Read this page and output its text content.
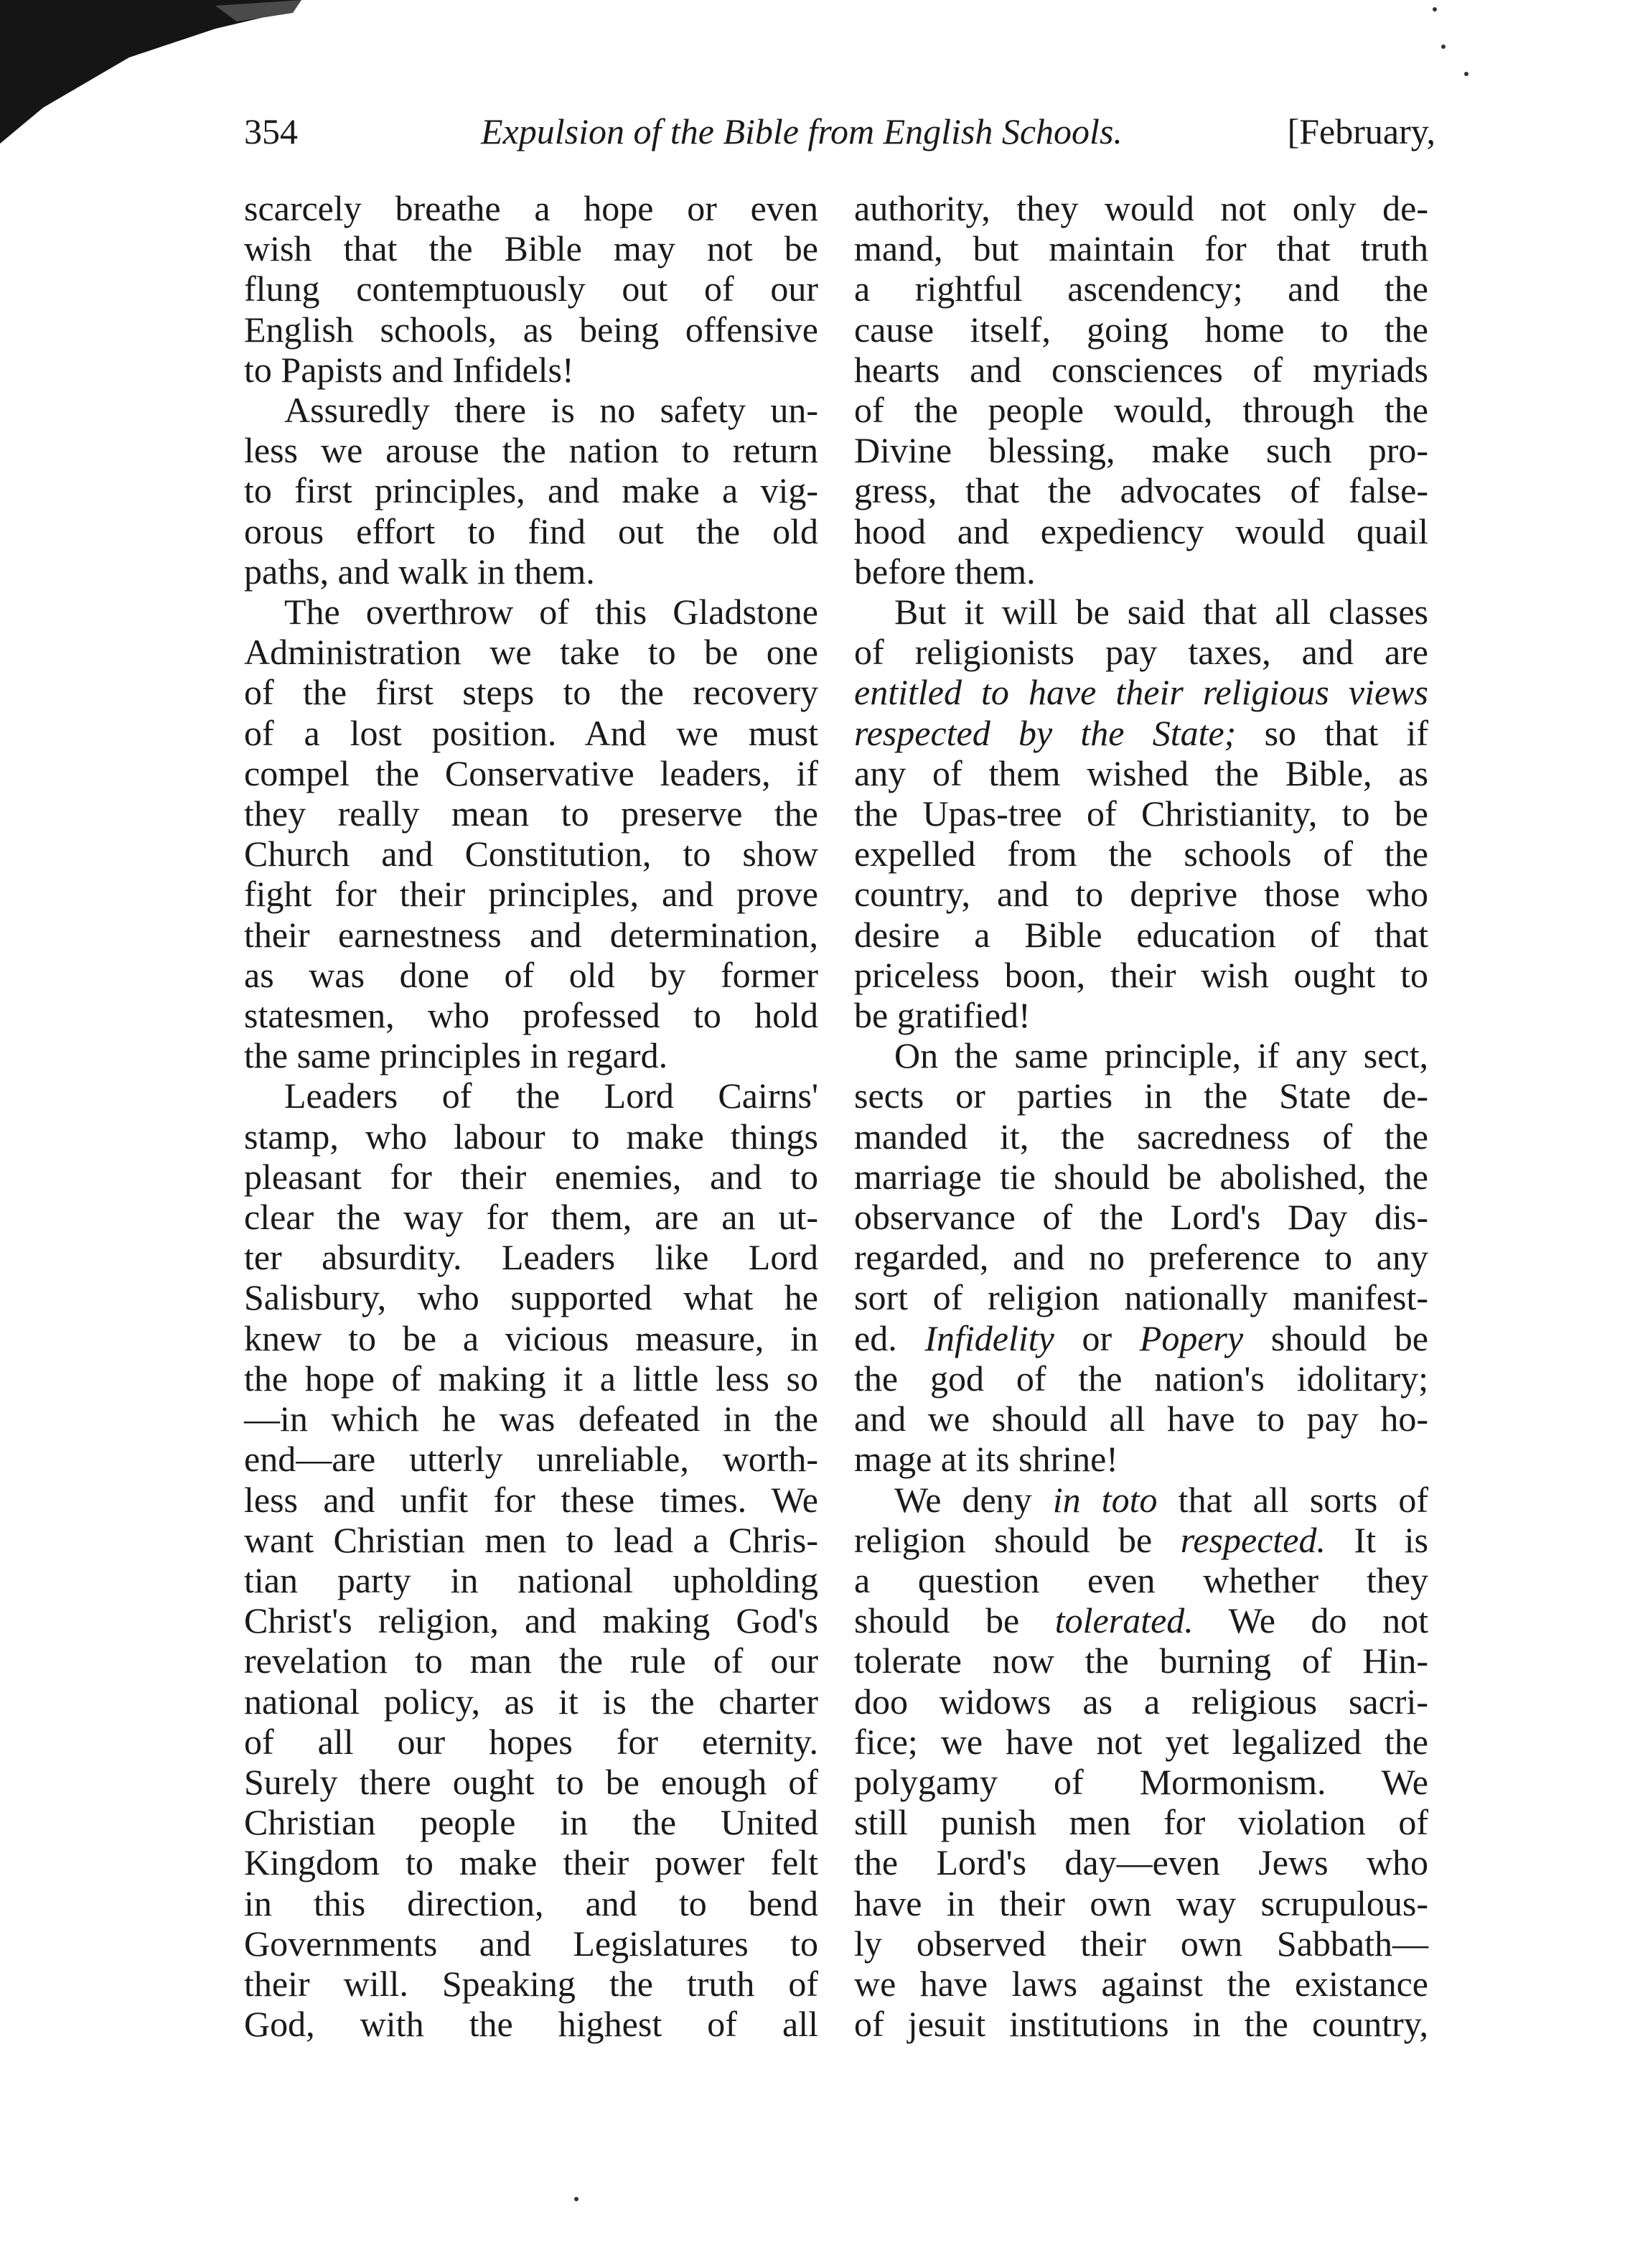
354	Expulsion of the Bible from English Schools.	[February,
scarcely breathe a hope or even
wish that the Bible may not be
flung contemptuously out of our
English schools, as being offensive
to Papists and Infidels!
Assuredly there is no safety un-
less we arouse the nation to return
to first principles, and make a vig-
orous effort to find out the old
paths, and walk in them.
The overthrow of this Gladstone
Administration we take to be one
of the first steps to the recovery
of a lost position. And we must
compel the Conservative leaders, if
they really mean to preserve the
Church and Constitution, to show
fight for their principles, and prove
their earnestness and determination,
as was done of old by former
statesmen, who professed to hold
the same principles in regard.
Leaders of the Lord Cairns'
stamp, who labour to make things
pleasant for their enemies, and to
clear the way for them, are an ut-
ter absurdity. Leaders like Lord
Salisbury, who supported what he
knew to be a vicious measure, in
the hope of making it a little less so
—in which he was defeated in the
end—are utterly unreliable, worth-
less and unfit for these times. We
want Christian men to lead a Chris-
tian party in national upholding
Christ's religion, and making God's
revelation to man the rule of our
national policy, as it is the charter
of all our hopes for eternity.
Surely there ought to be enough of
Christian people in the United
Kingdom to make their power felt
in this direction, and to bend
Governments and Legislatures to
their will. Speaking the truth of
God, with the highest of all
authority, they would not only de-
mand, but maintain for that truth
a rightful ascendency; and the
cause itself, going home to the
hearts and consciences of myriads
of the people would, through the
Divine blessing, make such pro-
gress, that the advocates of false-
hood and expediency would quail
before them.
But it will be said that all classes
of religionists pay taxes, and are
entitled to have their religious views
respected by the State; so that if
any of them wished the Bible, as
the Upas-tree of Christianity, to be
expelled from the schools of the
country, and to deprive those who
desire a Bible education of that
priceless boon, their wish ought to
be gratified!
On the same principle, if any sect,
sects or parties in the State de-
manded it, the sacredness of the
marriage tie should be abolished, the
observance of the Lord's Day dis-
regarded, and no preference to any
sort of religion nationally manifest-
ed. Infidelity or Popery should be
the god of the nation's idolitary;
and we should all have to pay ho-
mage at its shrine!
We deny in toto that all sorts of
religion should be respected. It is
a question even whether they
should be tolerated. We do not
tolerate now the burning of Hin-
doo widows as a religious sacri-
fice; we have not yet legalized the
polygamy of Mormonism. We
still punish men for violation of
the Lord's day—even Jews who
have in their own way scrupulous-
ly observed their own Sabbath—
we have laws against the existance
of jesuit institutions in the country,
